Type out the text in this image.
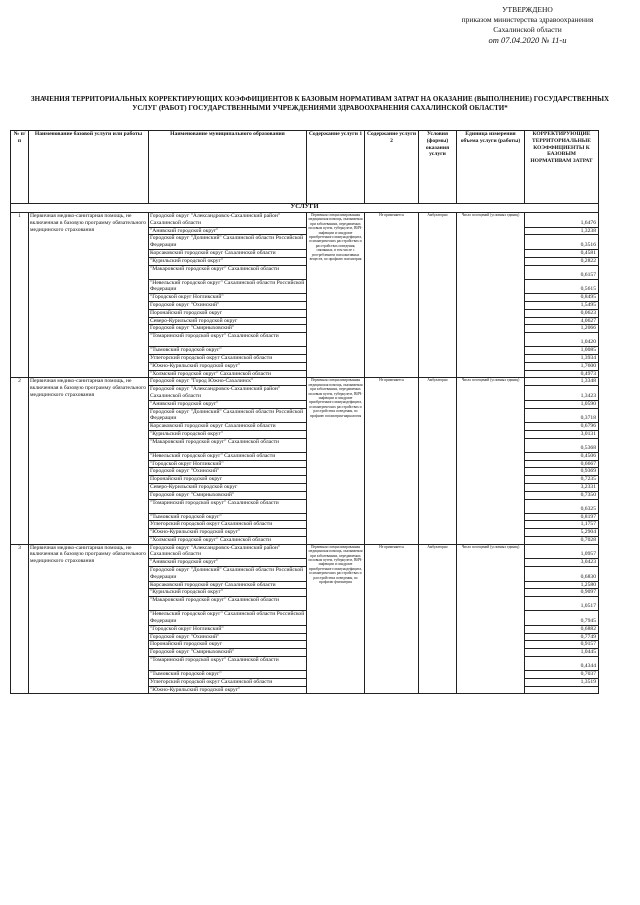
УТВЕРЖДЕНО
приказом министерства здравоохранения
Сахалинской области
от 07.04.2020 № 11-и
ЗНАЧЕНИЯ ТЕРРИТОРИАЛЬНЫХ КОРРЕКТИРУЮЩИХ КОЭФФИЦИЕНТОВ К БАЗОВЫМ НОРМАТИВАМ ЗАТРАТ НА ОКАЗАНИЕ (ВЫПОЛНЕНИЕ) ГОСУДАРСТВЕННЫХ УСЛУГ (РАБОТ) ГОСУДАРСТВЕННЫМИ УЧРЕЖДЕНИЯМИ ЗДРАВООХРАНЕНИЯ САХАЛИНСКОЙ ОБЛАСТИ*
№ п/п	Наименование базовой услуги или работы	Наименование муниципального образования	Содержание услуги 1	Содержание услуги 2	Условия (формы) оказания услуги	Единица измерения объема услуги (работы)	КОРРЕКТИРУЮЩИЕ ТЕРРИТОРИАЛЬНЫЕ КОЭФФИЦИЕНТЫ К БАЗОВЫМ НОРМАТИВАМ ЗАТРАТ
УСЛУГИ							
1	Первичная медико-санитарная помощь, не включенная в базовую программу обязательного медицинского страхования	Городской округ "Александровск-Сахалинский район" Сахалинской области	Первичная специализированная медицинская помощь, оказываемая при заболеваниях, передаваемых половым путем, туберкулезе, ВИЧ-инфекции и синдроме приобретенного иммунодефицита, психиатрических расстройствах и расстройствах поведения, связанных, в том числе с употреблением психоактивных веществ, по профилю психиатрия	Не применяется	Амбулаторно	Число посещений (условных единиц)	1,6476
		"Анивский городской округ"					1,3238
		Городской округ "Долинский" Сахалинской области Российской Федерации					0,3516
		Корсаковский городской округ Сахалинской области					0,4581
		"Курильский городской округ"					0,2822
		"Макаровский городской округ" Сахалинской области					0,6157
		"Невельский городской округ" Сахалинской области Российской Федерации					0,5615
		"Городской округ Ногликский"					0,8495
		Городской округ "Охинский"					1,5495
		Поронайский городской округ					0,0623
		Северо-Курильский городской округ					4,0627
		Городской округ "Смирныховский"					1,2066
		"Томаринский городской округ" Сахалинской области					1,0420
		"Тымовский городской округ"					1,0085
		Углегорский городской округ Сахалинской области					1,3934
		"Южно-Курильский городской округ"					1,7600
		"Холмский городской округ" Сахалинской области					0,4973
2	Первичная медико-санитарная помощь, не включенная в базовую программу обязательного медицинского страхования	Городской округ "Город Южно-Сахалинск"	Первичная специализированная медицинская помощь, оказываемая при заболеваниях, передаваемых половым путем, туберкулезе, ВИЧ-инфекции и синдроме приобретенного иммунодефицита, психиатрических расстройствах и расстройствах поведения, по профилю психиатрия-наркология	Не применяется	Амбулаторно	Число посещений (условных единиц)	1,3348
		Городской округ "Александровск-Сахалинский район" Сахалинской области					1,3423
		"Анивский городской округ"					1,0590
		Городской округ "Долинский" Сахалинской области Российской Федерации					0,3718
		Корсаковский городской округ Сахалинской области					0,6796
		"Курильский городской округ"					3,0131
		"Макаровский городской округ" Сахалинской области					0,5368
		"Невельский городской округ" Сахалинской области					0,4506
		"Городской округ Ногликский"					0,6667
		Городской округ "Охинский"					0,9369
		Поронайский городской округ					0,7235
		Северо-Курильский городской округ					3,2331
		Городской округ "Смирныховский"					0,7350
		"Томаринский городской округ" Сахалинской области					0,6325
		"Тымовский городской округ"					0,8197
		Углегорский городской округ Сахалинской области					1,1757
		"Южно-Курильский городской округ"					5,2904
		"Холмский городской округ" Сахалинской области					0,7028
3	Первичная медико-санитарная помощь, не включенная в базовую программу обязательного медицинского страхования	Городской округ "Александровск-Сахалинский район" Сахалинской области	Первичная специализированная медицинская помощь, оказываемая при заболеваниях, передаваемых половым путем, туберкулезе, ВИЧ-инфекции и синдроме приобретенного иммунодефицита, психиатрических расстройствах и расстройствах поведения, по профилю фтизиатрия	Не применяется	Амбулаторно	Число посещений (условных единиц)	1,0957
		"Анивский городской округ"					3,0423
		Городской округ "Долинский" Сахалинской области Российской Федерации					0,6830
		Корсаковский городской округ Сахалинской области					1,2580
		"Курильский городской округ"					0,9097
		"Макаровский городской округ" Сахалинской области					1,0517
		"Невельский городской округ" Сахалинской области Российской Федерации					0,7945
		"Городской округ Ногликский"					0,6882
		Городской округ "Охинский"					0,7749
		Поронайский городской округ					0,9157
		Городской округ "Смирныховский"					1,0445
		"Томаринский городской округ" Сахалинской области					0,4344
		"Тымовский городской округ"					0,7037
		Углегорский городской округ Сахалинской области					1,3519
		"Южно-Курильский городской округ"					
